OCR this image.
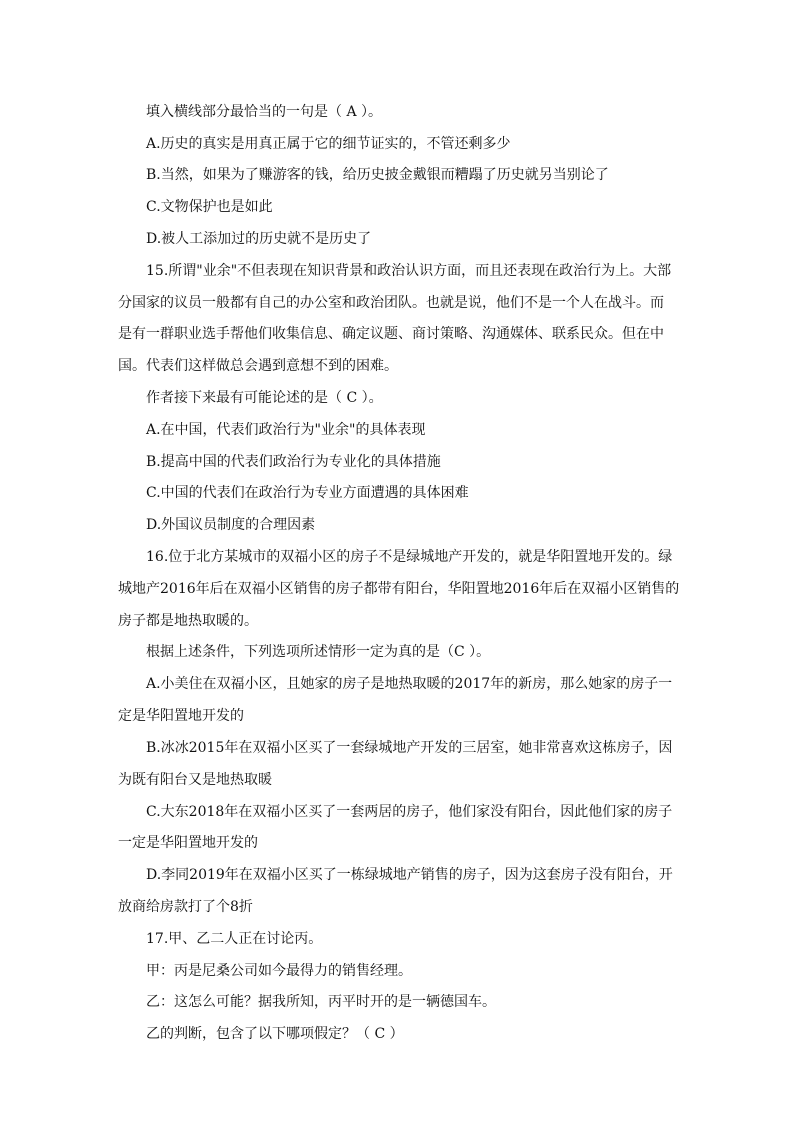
填入横线部分最恰当的一句是（ A ）。
A.历史的真实是用真正属于它的细节证实的，不管还剩多少
B.当然，如果为了赚游客的钱，给历史披金戴银而糟蹋了历史就另当别论了
C.文物保护也是如此
D.被人工添加过的历史就不是历史了
15.所谓"业余"不但表现在知识背景和政治认识方面，而且还表现在政治行为上。大部
分国家的议员一般都有自己的办公室和政治团队。也就是说，他们不是一个人在战斗。而
是有一群职业选手帮他们收集信息、确定议题、商讨策略、沟通媒体、联系民众。但在中
国。代表们这样做总会遇到意想不到的困难。
作者接下来最有可能论述的是（ C ）。
A.在中国，代表们政治行为"业余"的具体表现
B.提高中国的代表们政治行为专业化的具体措施
C.中国的代表们在政治行为专业方面遭遇的具体困难
D.外国议员制度的合理因素
16.位于北方某城市的双福小区的房子不是绿城地产开发的，就是华阳置地开发的。绿
城地产2016年后在双福小区销售的房子都带有阳台，华阳置地2016年后在双福小区销售的
房子都是地热取暖的。
根据上述条件，下列选项所述情形一定为真的是（C ）。
A.小美住在双福小区，且她家的房子是地热取暖的2017年的新房，那么她家的房子一
定是华阳置地开发的
B.冰冰2015年在双福小区买了一套绿城地产开发的三居室，她非常喜欢这栋房子，因
为既有阳台又是地热取暖
C.大东2018年在双福小区买了一套两居的房子，他们家没有阳台，因此他们家的房子
一定是华阳置地开发的
D.李同2019年在双福小区买了一栋绿城地产销售的房子，因为这套房子没有阳台，开
放商给房款打了个8折
17.甲、乙二人正在讨论丙。
甲：丙是尼桑公司如今最得力的销售经理。
乙：这怎么可能？据我所知，丙平时开的是一辆德国车。
乙的判断，包含了以下哪项假定？（ C ）
